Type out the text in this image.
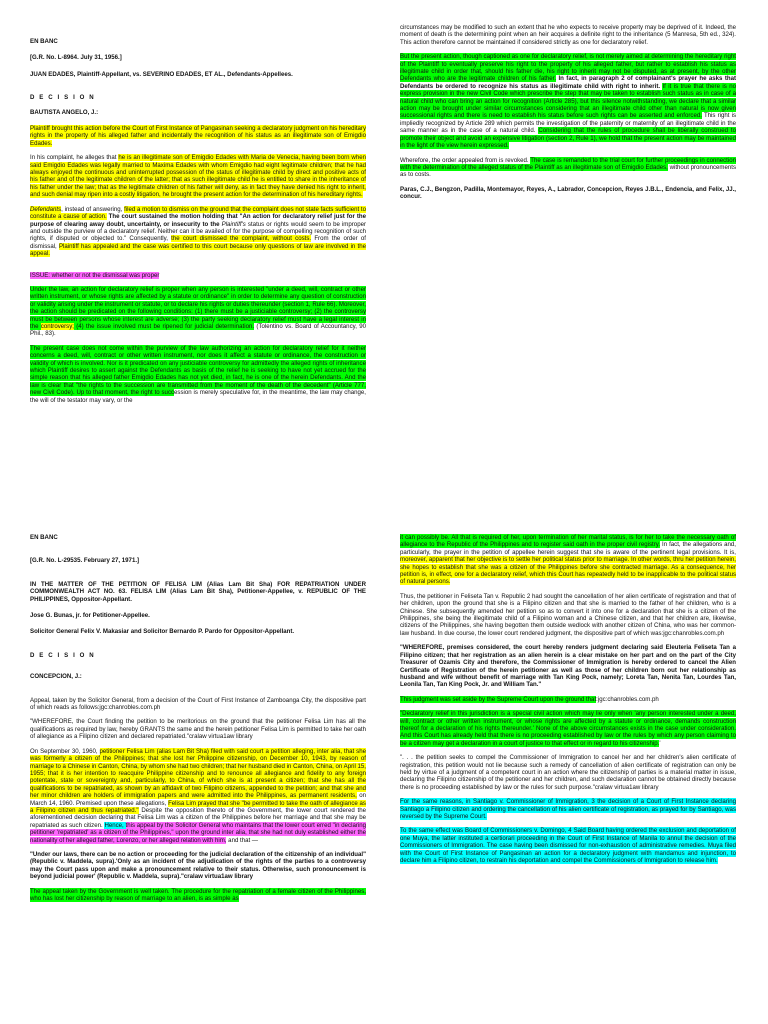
EN BANC
[G.R. No. L-8964. July 31, 1956.]
JUAN EDADES, Plaintiff-Appellant, vs. SEVERINO EDADES, ET AL., Defendants-Appellees.
D E C I S I O N
BAUTISTA ANGELO, J.:

Plaintiff brought this action before the Court of First Instance of Pangasinan seeking a declaratory judgment on his hereditary rights in the property of his alleged father and incidentally the recognition of his status as an illegitimate son of Emigdio Edades.

In his complaint, he alleges that he is an illegitimate son of Emigdio Edades with Maria de Venecia, having been born when said Emigdio Edades was legally married to Maxima Edades with whom Emigdio had eight legitimate children; that he had always enjoyed the continuous and uninterrupted possession of the status of illegitimate child by direct and positive acts of his father and of the legitimate children of the latter; that as such illegitimate child he is entitled to share in the inheritance of his father under the law; that as the legitimate children of his father will deny, as in fact they have denied his right to inherit, and such denial may ripen into a costly litigation, he brought the present action for the determination of his hereditary rights.

Defendants, instead of answering, filed a motion to dismiss on the ground that the complaint does not state facts sufficient to constitute a cause of action. The court sustained the motion holding that "An action for declaratory relief just for the purpose of clearing away doubt, uncertainty, or insecurity to the Plaintiff's status or rights would seem to be improper and outside the purview of a declaratory relief. Neither can it be availed of for the purpose of compelling recognition of such rights, if disputed or objected to." Consequently, the court dismissed the complaint, without costs. From the order of dismissal, Plaintiff has appealed and the case was certified to this court because only questions of law are involved in the appeal.

ISSUE: whether or not the dismissal was proper

Under the law, an action for declaratory relief is proper when any person is interested "under a deed, will, contract or other written instrument, or whose rights are affected by a statute or ordinance" in order to determine any question of construction or validity arising under the instrument or statute, or to declare his rights or duties thereunder (section 1, Rule 66). Moreover, the action should be predicated on the following conditions: (1) there must be a justiciable controversy; (2) the controversy must be between persons whose interest are adverse; (3) the party seeking declaratory relief must have a legal interest in the controversy; (4) the issue involved must be ripened for judicial determination. (Tolentino vs. Board of Accountancy, 90 Phil., 83).

The present case does not come within the purview of the law authorizing an action for declaratory relief for it neither concerns a deed, will, contract or other written instrument, nor does it affect a statute or ordinance, the construction or validity of which is involved. Nor is it predicated on any justiciable controversy for admittedly the alleged rights of inheritance which Plaintiff desires to assert against the Defendants as basis of the relief he is seeking to have not yet accrued for the simple reason that his alleged father Emigdio Edades has not yet died, in fact, he is one of the herein Defendants. And the law is clear that "the rights to the succession are transmitted from the moment of the death of the decedent" (Article 777, new Civil Code). Up to that moment, the right to succession is merely speculative for, in the meantime, the law may change, the will of the testator may vary, or the

circumstances may be modified to such an extent that he who expects to receive property may be deprived of it. Indeed, the moment of death is the determining point when an heir acquires a definite right to the inheritance (5 Manresa, 5th ed., 324). This action therefore cannot be maintained if considered strictly as one for declaratory relief.

But the present action, though captioned as one for declaratory relief, is not merely aimed at determining the hereditary right of the Plaintiff to eventually preserve his right to the property of his alleged father, but rather to establish his status as illegitimate child in order that, should his father die, his right to inherit may not be disputed, as at present, by the other Defendants who are the legitimate children of his father. In fact, in paragraph 2 of complainant's prayer he asks that Defendants be ordered to recognize his status as illegitimate child with right to inherit. If it is true that there is no express provision in the new Civil Code which prescribe the step that may be taken to establish such status as in case of a natural child who can bring an action for recognition (Article 285), but this silence notwithstanding, we declare that a similar action may be brought under similar circumstances considering that an illegitimate child other than natural is now given successional rights and there is need to establish his status before such rights can be asserted and enforced. This right is impliedly recognized by Article 289 which permits the investigation of the paternity or maternity of an illegitimate child in the same manner as in the case of a natural child. Considering that the rules of procedure shall be liberally construed to promote their object and avoid an expensive litigation (section 2, Rule 1), we hold that the present action may be maintained in the light of the view herein expressed.

Wherefore, the order appealed from is revoked. The case is remanded to the trial court for further proceedings in connection with the determination of the alleged status of the Plaintiff as an illegitimate son of Emigdio Edades, without pronouncements as to costs.

Paras, C.J., Bengzon, Padilla, Montemayor, Reyes, A., Labrador, Concepcion, Reyes J.B.L., Endencia, and Felix, JJ., concur.

EN BANC
[G.R. No. L-29535. February 27, 1971.]
IN THE MATTER OF THE PETITION OF FELISA LIM (Alias Lam Bit Sha) FOR REPATRIATION UNDER COMMONWEALTH ACT NO. 63. FELISA LIM (Alias Lam Bit Sha), Petitioner-Appellee, v. REPUBLIC OF THE PHILIPPINES, Oppositor-Appellant.
Jose G. Bunas, jr. for Petitioner-Appellee.
Solicitor General Felix V. Makasiar and Solicitor Bernardo P. Pardo for Oppositor-Appellant.
D E C I S I O N
CONCEPCION, J.:

Appeal, taken by the Solicitor General, from a decision of the Court of First Instance of Zamboanga City, the dispositive part of which reads as follows:jgc:chanrobles.com.ph

"WHEREFORE, the Court finding the petition to be meritorious on the ground that the petitioner Felisa Lim has all the qualifications as required by law, hereby GRANTS the same and the herein petitioner Felisa Lim is permitted to take her oath of allegiance as a Filipino citizen and declared repatriated."cralaw virtua1aw library

On September 30, 1960, petitioner Felisa Lim (alias Lam Bit Sha) filed with said court a petition alleging, inter alia, that she was formerly a citizen of the Philippines; that she lost her Philippine citizenship, on December 10, 1943, by reason of marriage to a Chinese in Canton, China, by whom she had two children; that her husband died in Canton, China, on April 15, 1955; that it is her intention to reacquire Philippine citizenship and to renounce all allegiance and fidelity to any foreign potentate, state or sovereignty and, particularly, to China, of which she is at present a citizen; that she has all the qualifications to be repatriated, as shown by an affidavit of two Filipino citizens, appended to the petition; and that she and her minor children are holders of immigration papers and were admitted into the Philippines, as permanent residents, on March 14, 1960. Premised upon these allegations, Felisa Lim prayed that she "be permitted to take the oath of allegiance as a Filipino citizen and thus repatriated." Despite the opposition thereto of the Government, the lower court rendered the aforementioned decision declaring that Felisa Lim was a citizen of the Philippines before her marriage and that she may be repatriated as such citizen. Hence, this appeal by the Solicitor General who maintains that the lower court erred "in declaring petitioner 'repatriated' as a citizen of the Philippines," upon the ground inter alia, that she had not duly established either the nationality of her alleged father, Lorenzo, or her alleged relation with him, and that —

"Under our laws, there can be no action or proceeding for the judicial declaration of the citizenship of an individual" (Republic v. Maddela, supra).'Only as an incident of the adjudication of the rights of the parties to a controversy may the Court pass upon and make a pronouncement relative to their status. Otherwise, such pronouncement is beyond judicial power' (Republic v. Maddela, supra)."cralaw virtua1aw library

The appeal taken by the Government is well taken. The procedure for the repatriation of a female citizen of the Philippines, who has lost her citizenship by reason of marriage to an alien, is as simple as

it can possibly be. All that is required of her, upon termination of her marital status, is for her to take the necessary oath of allegiance to the Republic of the Philippines and to register said oath in the proper civil registry. In fact, the allegations and, particularly, the prayer in the petition of appellee herein suggest that she is aware of the pertinent legal provisions. It is, moreover, apparent that her objective is to settle her political status prior to marriage. In other words, thru her petition herein, she hopes to establish that she was a citizen of the Philippines before she contracted marriage. As a consequence, her petition is, in effect, one for a declaratory relief, which this Court has repeatedly held to be inapplicable to the political status of natural persons.

Thus, the petitioner in Feliseta Tan v. Republic 2 had sought the cancellation of her alien certificate of registration and that of her children, upon the ground that she is a Filipino citizen and that she is married to the father of her children, who is a Chinese. She subsequently amended her petition so as to convert it into one for a declaration that she is a citizen of the Philippines, she being the illegitimate child of a Filipino woman and a Chinese citizen, and that her children are, likewise, citizens of the Philippines, she having begotten them outside wedlock with another citizen of China, who was her common-law husband. In due course, the lower court rendered judgment, the dispositive part of which was:jgc:chanrobles.com.ph

"WHEREFORE, premises considered, the court hereby renders judgment declaring said Eleuteria Feliseta Tan a Filipino citizen; that her registration as an alien herein is a clear mistake on her part and on the part of the City Treasurer of Ozamis City and therefore, the Commissioner of Immigration is hereby ordered to cancel the Alien Certificate of Registration of the herein petitioner as well as those of her children born out her relationship as husband and wife without benefit of marriage with Tan King Pock, namely; Loreta Tan, Nenita Tan, Lourdes Tan, Leonila Tan, Tan King Pock, Jr. and William Tan."

This judgment was set aside by the Supreme Court upon the ground that:jgc:chanrobles.com.ph

"Declaratory relief in this jurisdiction is a special civil action which may lie only when 'any person interested under a deed, will, contract or other written instrument, or whose rights are affected by a statute or ordinance, demands construction thereof for a declaration of his rights thereunder.' None of the above circumstances exists in the case under consideration. And this Court has already held that there is no proceeding established by law or the rules by which any person claiming to be a citizen may get a declaration in a court of justice to that effect or in regard to his citizenship.'

". . . the petition seeks to compel the Commissioner of Immigration to cancel her and her children's alien certificate of registration, this petition would not lie because such a remedy of cancellation of alien certificate of registration can only be held by virtue of a judgment of a competent court in an action where the citizenship of parties is a material matter in issue, declaring the Filipino citizenship of the petitioner and her children, and such declaration cannot be obtained directly because there is no proceeding established by law or the rules for such purpose."cralaw virtua1aw library

For the same reasons, in Santiago v. Commissioner of Immigration, 3 the decision of a Court of First Instance declaring Santiago a Filipino citizen and ordering the cancellation of his alien certificate of registration, as prayed for by Santiago, was reversed by the Supreme Court.

To the same effect was Board of Commissioners v. Domingo, 4 Said Board having ordered the exclusion and deportation of one Muya, the latter instituted a certiorari proceeding in the Court of First Instance of Manila to annul the decision of the Commissioners of Immigration. The case having been dismissed for non-exhaustion of administrative remedies. Muya filed with the Court of First Instance of Pangasinan an action for a declaratory judgment with mandamus and injunction, to declare him a Filipino citizen, to restrain his deportation and compel the Commissioners of Immigration to release him.
